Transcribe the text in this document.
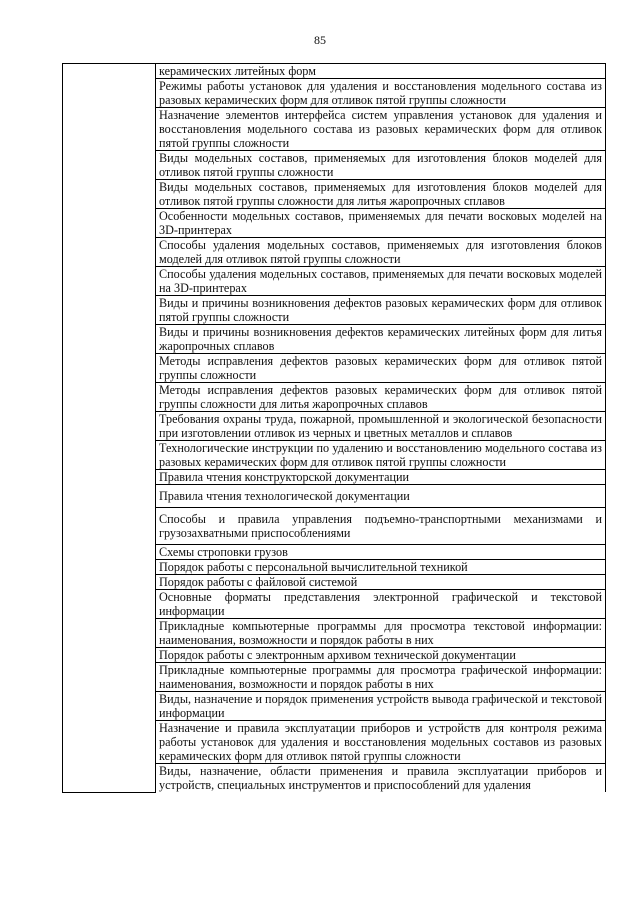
85
	керамических литейных форм
Режимы работы установок для удаления и восстановления модельного состава из разовых керамических форм для отливок пятой группы сложности
Назначение элементов интерфейса систем управления установок для удаления и восстановления модельного состава из разовых керамических форм для отливок пятой группы сложности
Виды модельных составов, применяемых для изготовления блоков моделей для отливок пятой группы сложности
Виды модельных составов, применяемых для изготовления блоков моделей для отливок пятой группы сложности для литья жаропрочных сплавов
Особенности модельных составов, применяемых для печати восковых моделей на 3D-принтерах
Способы удаления модельных составов, применяемых для изготовления блоков моделей для отливок пятой группы сложности
Способы удаления модельных составов, применяемых для печати восковых моделей на 3D-принтерах
Виды и причины возникновения дефектов разовых керамических форм для отливок пятой группы сложности
Виды и причины возникновения дефектов керамических литейных форм для литья жаропрочных сплавов
Методы исправления дефектов разовых керамических форм для отливок пятой группы сложности
Методы исправления дефектов разовых керамических форм для отливок пятой группы сложности для литья жаропрочных сплавов
Требования охраны труда, пожарной, промышленной и экологической безопасности при изготовлении отливок из черных и цветных металлов и сплавов
Технологические инструкции по удалению и восстановлению модельного состава из разовых керамических форм для отливок пятой группы сложности
Правила чтения конструкторской документации
Правила чтения технологической документации
Способы и правила управления подъемно-транспортными механизмами и грузозахватными приспособлениями
Схемы строповки грузов
Порядок работы с персональной вычислительной техникой
Порядок работы с файловой системой
Основные форматы представления электронной графической и текстовой информации
Прикладные компьютерные программы для просмотра текстовой информации: наименования, возможности и порядок работы в них
Порядок работы с электронным архивом технической документации
Прикладные компьютерные программы для просмотра графической информации: наименования, возможности и порядок работы в них
Виды, назначение и порядок применения устройств вывода графической и текстовой информации
Назначение и правила эксплуатации приборов и устройств для контроля режима работы установок для удаления и восстановления модельных составов из разовых керамических форм для отливок пятой группы сложности
Виды, назначение, области применения и правила эксплуатации приборов и устройств, специальных инструментов и приспособлений для удаления
